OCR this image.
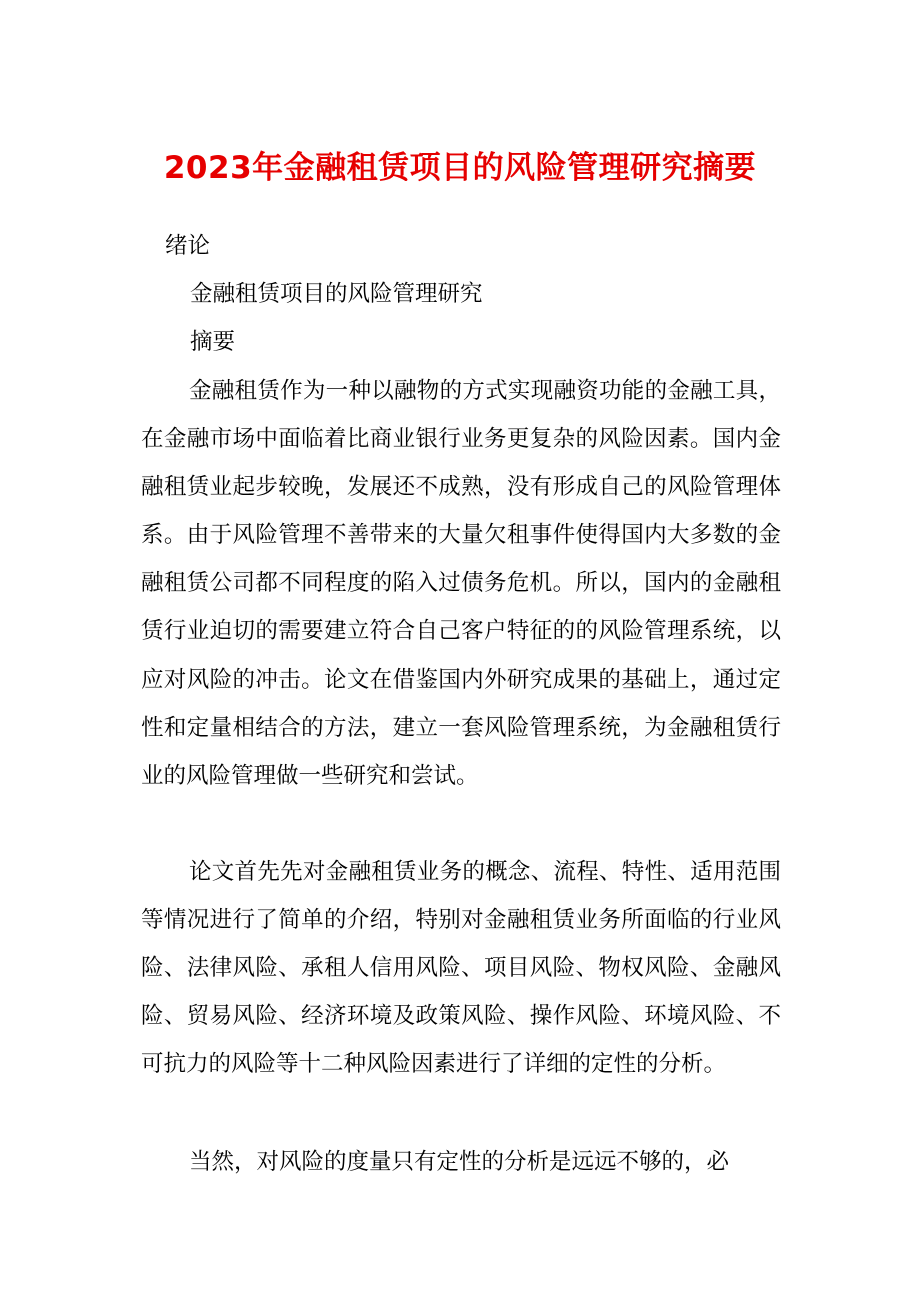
2023年金融租赁项目的风险管理研究摘要

绪论

金融租赁项目的风险管理研究

摘要

金融租赁作为一种以融物的方式实现融资功能的金融工具，在金融市场中面临着比商业银行业务更复杂的风险因素。国内金融租赁业起步较晚，发展还不成熟，没有形成自己的风险管理体系。由于风险管理不善带来的大量欠租事件使得国内大多数的金融租赁公司都不同程度的陷入过债务危机。所以，国内的金融租赁行业迫切的需要建立符合自己客户特征的的风险管理系统，以应对风险的冲击。论文在借鉴国内外研究成果的基础上，通过定性和定量相结合的方法，建立一套风险管理系统，为金融租赁行业的风险管理做一些研究和尝试。

论文首先先对金融租赁业务的概念、流程、特性、适用范围等情况进行了简单的介绍，特别对金融租赁业务所面临的行业风险、法律风险、承租人信用风险、项目风险、物权风险、金融风险、贸易风险、经济环境及政策风险、操作风险、环境风险、不可抗力的风险等十二种风险因素进行了详细的定性的分析。

当然，对风险的度量只有定性的分析是远远不够的，必
